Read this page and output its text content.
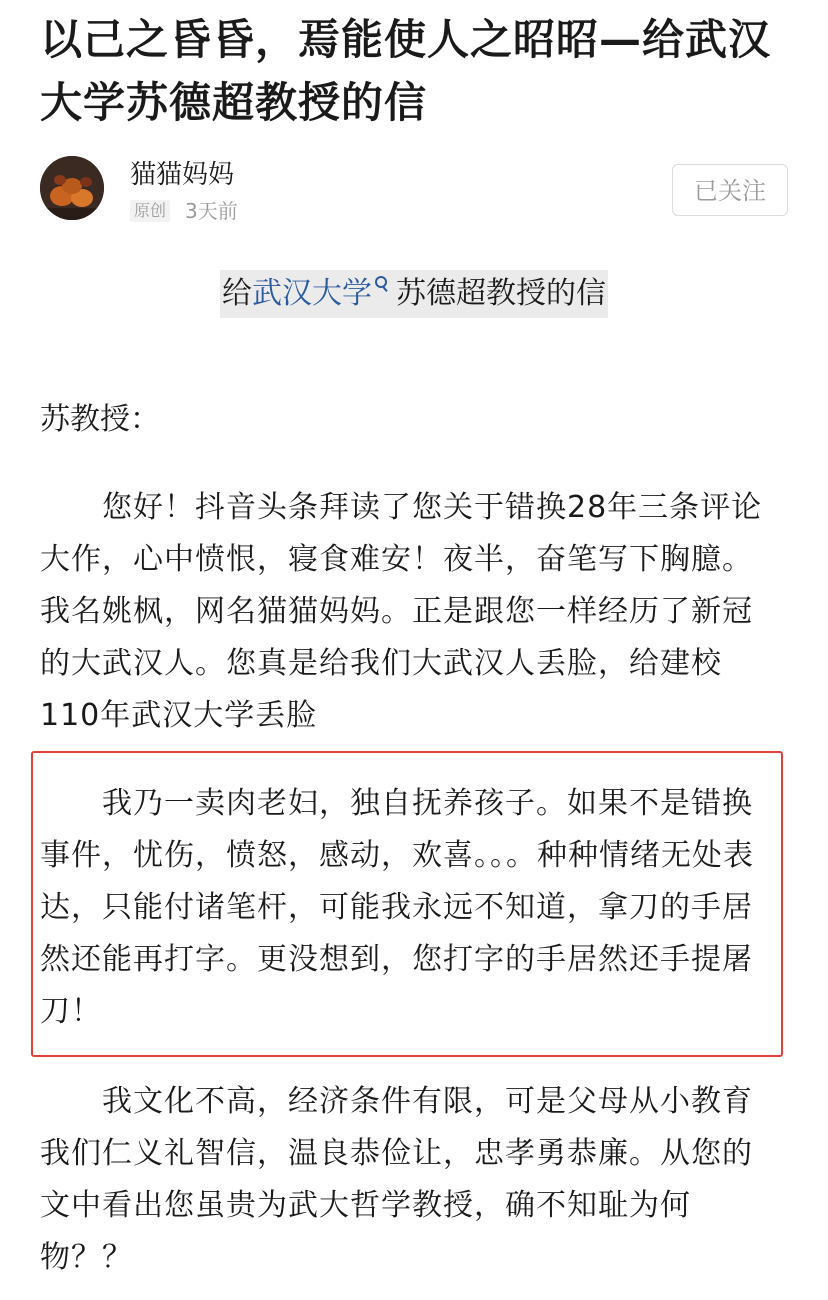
以己之昏昏，焉能使人之昭昭—给武汉大学苏德超教授的信
猫猫妈妈
原创 3天前
已关注
给武汉大学 苏德超教授的信

苏教授：

您好！抖音头条拜读了您关于错换28年三条评论大作，心中愤恨，寝食难安！夜半，奋笔写下胸臆。我名姚枫，网名猫猫妈妈。正是跟您一样经历了新冠的大武汉人。您真是给我们大武汉人丢脸，给建校110年武汉大学丢脸

我乃一卖肉老妇，独自抚养孩子。如果不是错换事件，忧伤，愤怒，感动，欢喜。。。种种情绪无处表达，只能付诸笔杆，可能我永远不知道，拿刀的手居然还能再打字。更没想到，您打字的手居然还手提屠刀！

我文化不高，经济条件有限，可是父母从小教育我们仁义礼智信，温良恭俭让，忠孝勇恭廉。从您的文中看出您虽贵为武大哲学教授，确不知耻为何物？？
